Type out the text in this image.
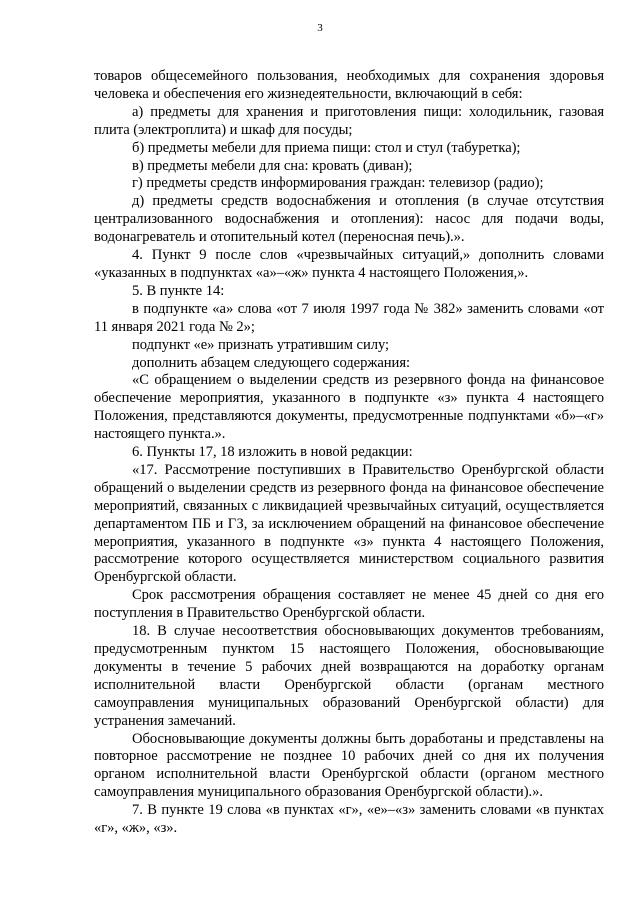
3

товаров общесемейного пользования, необходимых для сохранения здоровья человека и обеспечения его жизнедеятельности, включающий в себя:

а) предметы для хранения и приготовления пищи: холодильник, газовая плита (электроплита) и шкаф для посуды;

б) предметы мебели для приема пищи: стол и стул (табуретка);

в) предметы мебели для сна: кровать (диван);

г) предметы средств информирования граждан: телевизор (радио);

д) предметы средств водоснабжения и отопления (в случае отсутствия централизованного водоснабжения и отопления): насос для подачи воды, водонагреватель и отопительный котел (переносная печь).».

4. Пункт 9 после слов «чрезвычайных ситуаций,» дополнить словами «указанных в подпунктах «а»–«ж» пункта 4 настоящего Положения,».

5. В пункте 14:

в подпункте «а» слова «от 7 июля 1997 года № 382» заменить словами «от 11 января 2021 года № 2»;

подпункт «е» признать утратившим силу;

дополнить абзацем следующего содержания:

«С обращением о выделении средств из резервного фонда на финансовое обеспечение мероприятия, указанного в подпункте «з» пункта 4 настоящего Положения, представляются документы, предусмотренные подпунктами «б»–«г» настоящего пункта.».

6. Пункты 17, 18 изложить в новой редакции:

«17. Рассмотрение поступивших в Правительство Оренбургской области обращений о выделении средств из резервного фонда на финансовое обеспечение мероприятий, связанных с ликвидацией чрезвычайных ситуаций, осуществляется департаментом ПБ и ГЗ, за исключением обращений на финансовое обеспечение мероприятия, указанного в подпункте «з» пункта 4 настоящего Положения, рассмотрение которого осуществляется министерством социального развития Оренбургской области.

Срок рассмотрения обращения составляет не менее 45 дней со дня его поступления в Правительство Оренбургской области.

18. В случае несоответствия обосновывающих документов требованиям, предусмотренным пунктом 15 настоящего Положения, обосновывающие документы в течение 5 рабочих дней возвращаются на доработку органам исполнительной власти Оренбургской области (органам местного самоуправления муниципальных образований Оренбургской области) для устранения замечаний.

Обосновывающие документы должны быть доработаны и представлены на повторное рассмотрение не позднее 10 рабочих дней со дня их получения органом исполнительной власти Оренбургской области (органом местного самоуправления муниципального образования Оренбургской области).».

7. В пункте 19 слова «в пунктах «г», «е»–«з» заменить словами «в пунктах «г», «ж», «з».
